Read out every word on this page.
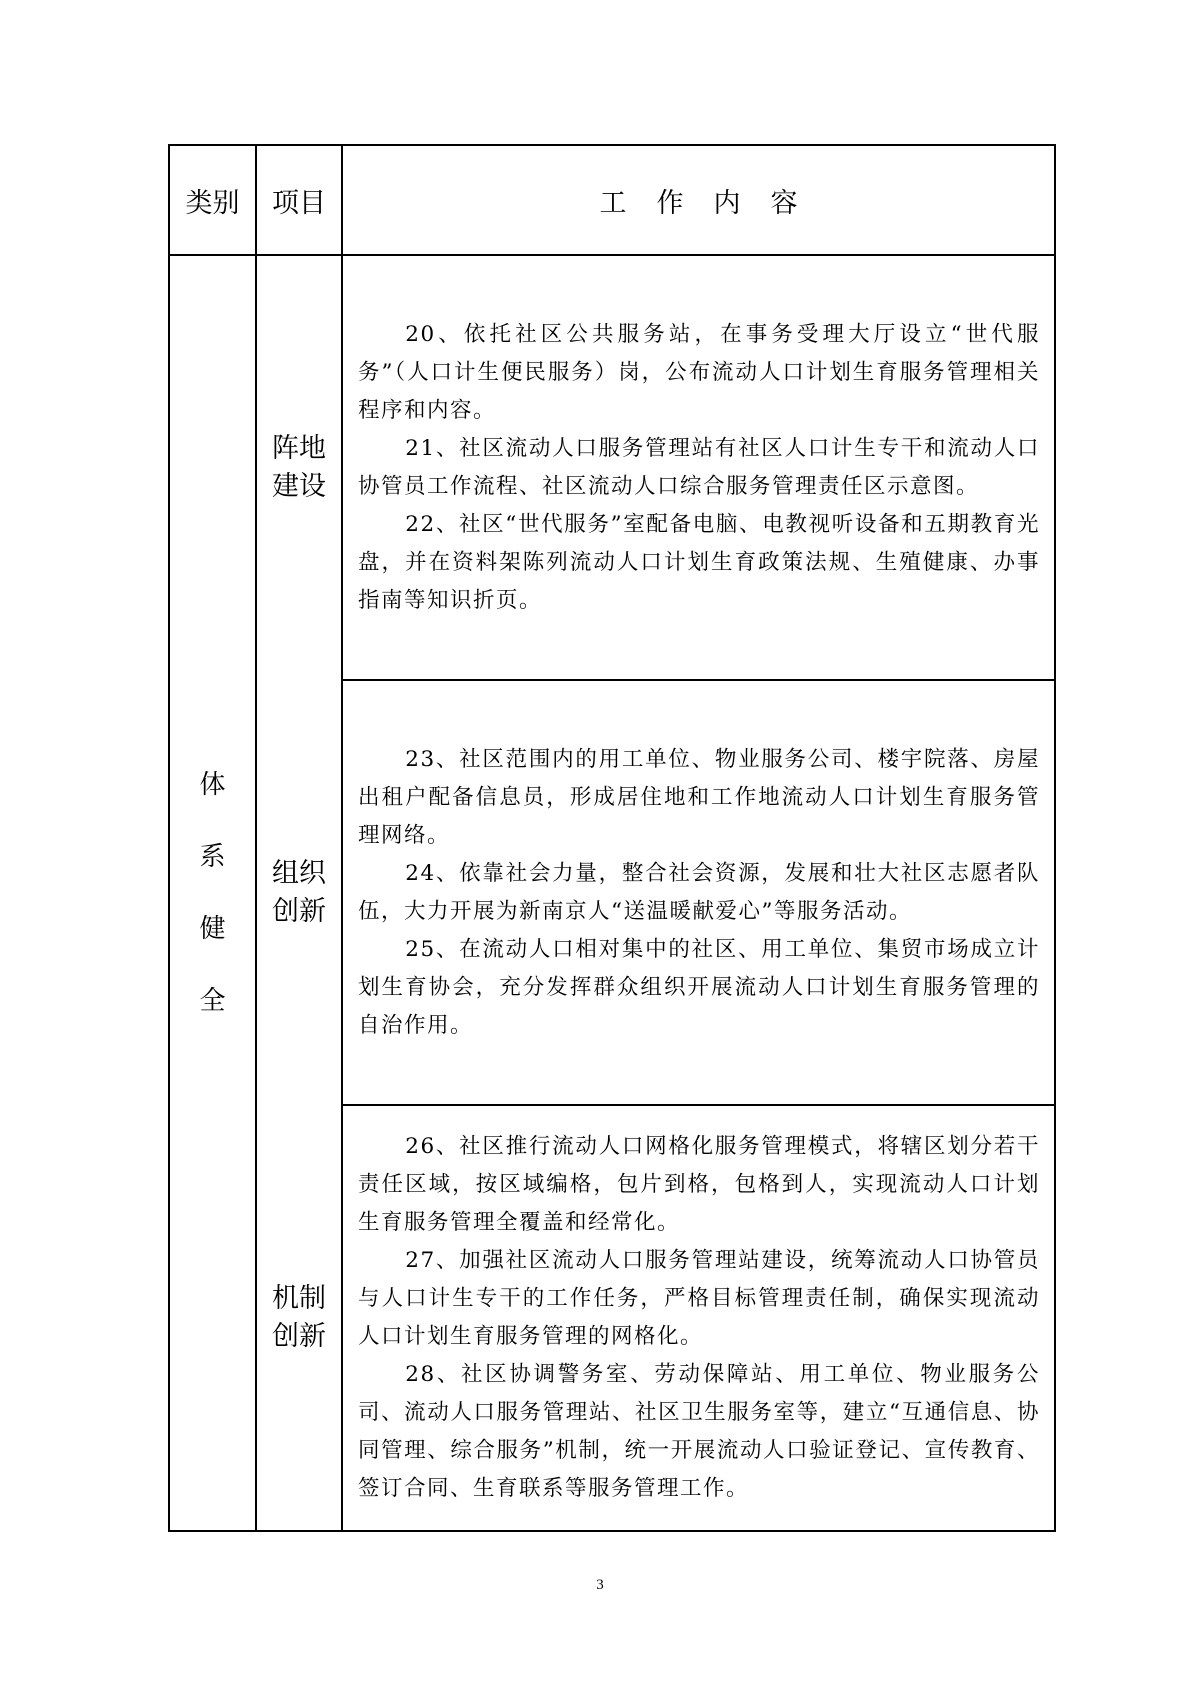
类别	项目	工作内容
体
系
健
全
阵地
建设

20、依托社区公共服务站，在事务受理大厅设立“世代服务”（人口计生便民服务）岗，公布流动人口计划生育服务管理相关程序和内容。

21、社区流动人口服务管理站有社区人口计生专干和流动人口协管员工作流程、社区流动人口综合服务管理责任区示意图。

22、社区“世代服务”室配备电脑、电教视听设备和五期教育光盘，并在资料架陈列流动人口计划生育政策法规、生殖健康、办事指南等知识折页。

组织
创新

23、社区范围内的用工单位、物业服务公司、楼宇院落、房屋出租户配备信息员，形成居住地和工作地流动人口计划生育服务管理网络。

24、依靠社会力量，整合社会资源，发展和壮大社区志愿者队伍，大力开展为新南京人“送温暖献爱心”等服务活动。

25、在流动人口相对集中的社区、用工单位、集贸市场成立计划生育协会，充分发挥群众组织开展流动人口计划生育服务管理的自治作用。

机制
创新

26、社区推行流动人口网格化服务管理模式，将辖区划分若干责任区域，按区域编格，包片到格，包格到人，实现流动人口计划生育服务管理全覆盖和经常化。

27、加强社区流动人口服务管理站建设，统筹流动人口协管员与人口计生专干的工作任务，严格目标管理责任制，确保实现流动人口计划生育服务管理的网格化。

28、社区协调警务室、劳动保障站、用工单位、物业服务公司、流动人口服务管理站、社区卫生服务室等，建立“互通信息、协同管理、综合服务”机制，统一开展流动人口验证登记、宣传教育、签订合同、生育联系等服务管理工作。

3
